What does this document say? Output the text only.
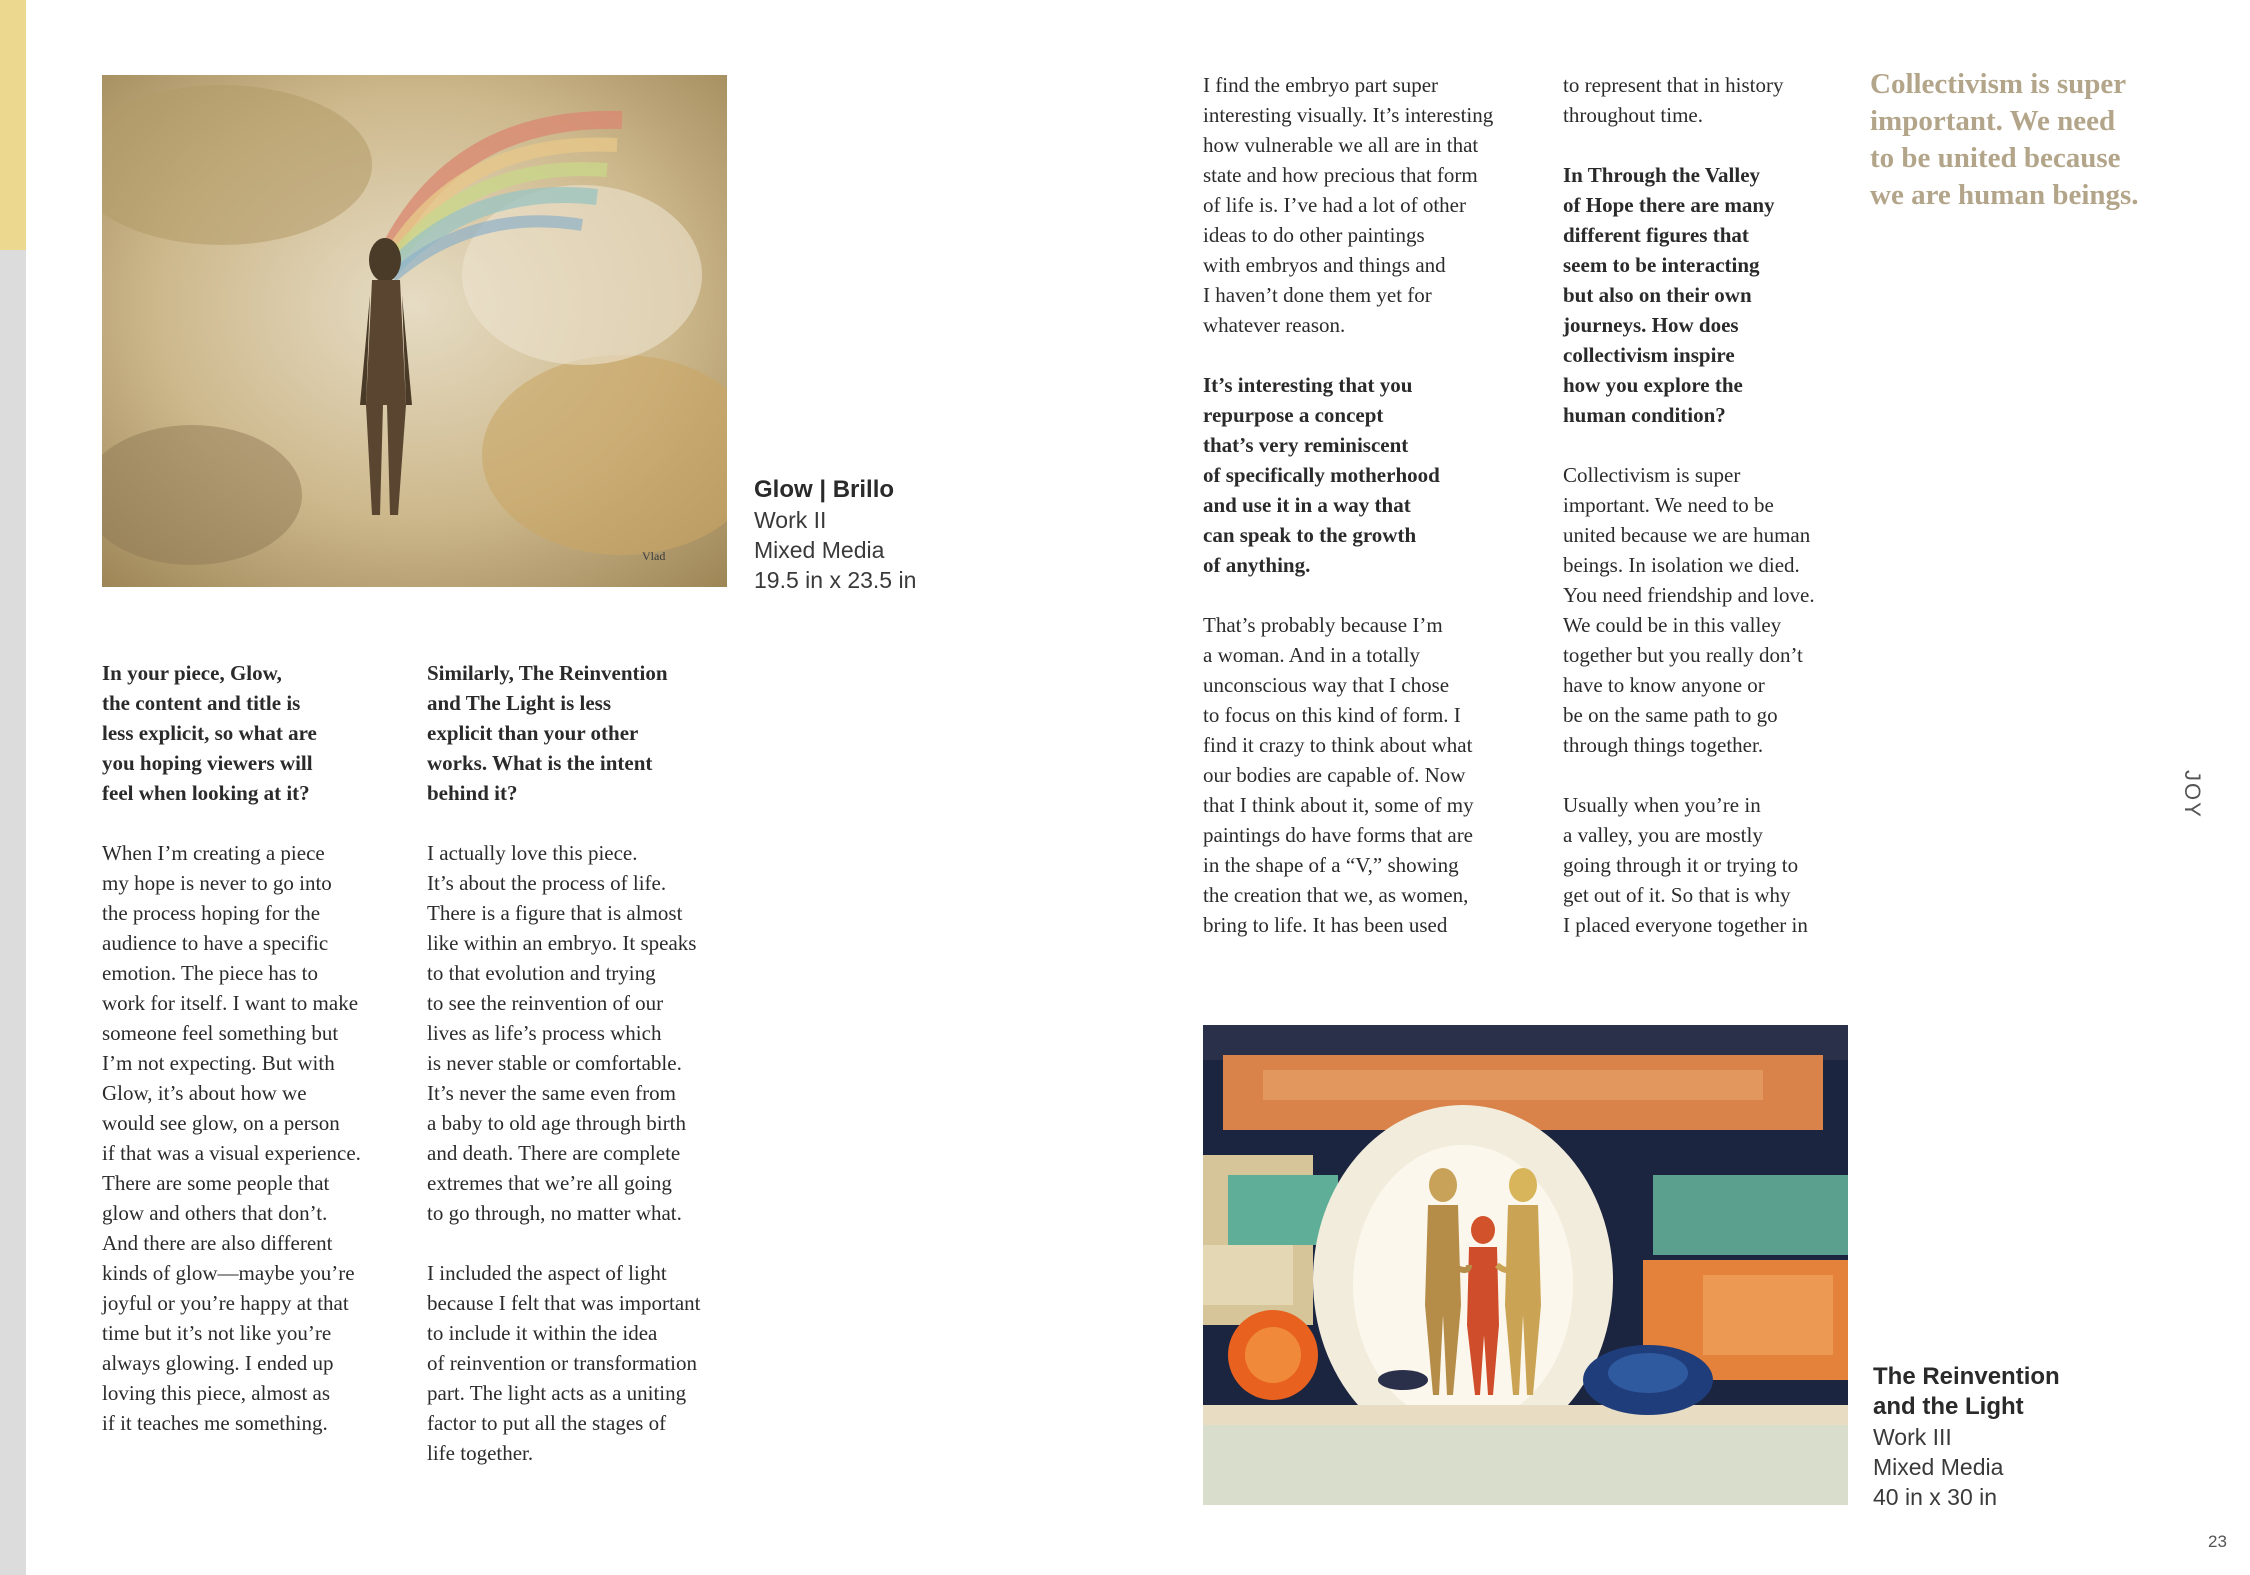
Vlad
Glow | Brillo
Work II
Mixed Media
19.5 in x 23.5 in

In your piece, Glow,
the content and title is
less explicit, so what are
you hoping viewers will
feel when looking at it?

When I’m creating a piece
my hope is never to go into
the process hoping for the
audience to have a specific
emotion. The piece has to
work for itself. I want to make
someone feel something but
I’m not expecting. But with
Glow, it’s about how we
would see glow, on a person
if that was a visual experience.
There are some people that
glow and others that don’t.
And there are also different
kinds of glow—maybe you’re
joyful or you’re happy at that
time but it’s not like you’re
always glowing. I ended up
loving this piece, almost as
if it teaches me something.

Similarly, The Reinvention
and The Light is less
explicit than your other
works. What is the intent
behind it?

I actually love this piece.
It’s about the process of life.
There is a figure that is almost
like within an embryo. It speaks
to that evolution and trying
to see the reinvention of our
lives as life’s process which
is never stable or comfortable.
It’s never the same even from
a baby to old age through birth
and death. There are complete
extremes that we’re all going
to go through, no matter what.

I included the aspect of light
because I felt that was important
to include it within the idea
of reinvention or transformation
part. The light acts as a uniting
factor to put all the stages of
life together.

I find the embryo part super
interesting visually. It’s interesting
how vulnerable we all are in that
state and how precious that form
of life is. I’ve had a lot of other
ideas to do other paintings
with embryos and things and
I haven’t done them yet for
whatever reason.

It’s interesting that you
repurpose a concept
that’s very reminiscent
of specifically motherhood
and use it in a way that
can speak to the growth
of anything.

That’s probably because I’m
a woman. And in a totally
unconscious way that I chose
to focus on this kind of form. I
find it crazy to think about what
our bodies are capable of. Now
that I think about it, some of my
paintings do have forms that are
in the shape of a “V,” showing
the creation that we, as women,
bring to life. It has been used

to represent that in history
throughout time.

In Through the Valley
of Hope there are many
different figures that
seem to be interacting
but also on their own
journeys. How does
collectivism inspire
how you explore the
human condition?

Collectivism is super
important. We need to be
united because we are human
beings. In isolation we died.
You need friendship and love.
We could be in this valley
together but you really don’t
have to know anyone or
be on the same path to go
through things together.

Usually when you’re in
a valley, you are mostly
going through it or trying to
get out of it. So that is why
I placed everyone together in

Collectivism is super
important. We need
to be united because
we are human beings.
The Reinvention
and the Light
Work III
Mixed Media
40 in x 30 in
JOY
23
